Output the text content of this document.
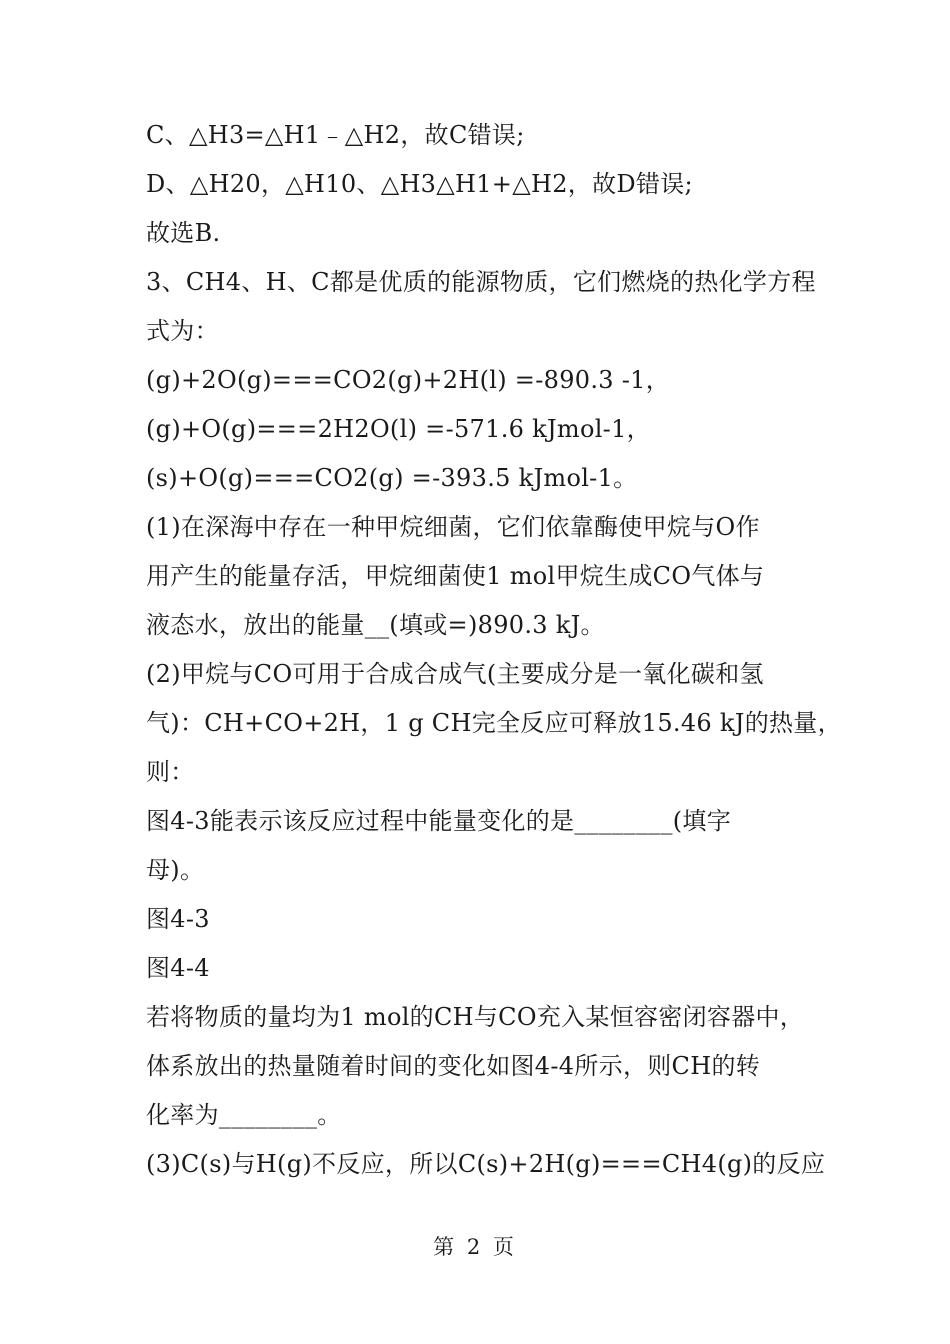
C、△H3=△H1﹣△H2，故C错误;
D、△H20，△H10、△H3△H1+△H2，故D错误;
故选B.
3、CH4、H、C都是优质的能源物质，它们燃烧的热化学方程
式为：
(g)+2O(g)===CO2(g)+2H(l) =-890.3 -1，
(g)+O(g)===2H2O(l) =-571.6 kJmol-1，
(s)+O(g)===CO2(g) =-393.5 kJmol-1。
(1)在深海中存在一种甲烷细菌，它们依靠酶使甲烷与O作
用产生的能量存活，甲烷细菌使1 mol甲烷生成CO气体与
液态水，放出的能量__(填或=)890.3 kJ。
(2)甲烷与CO可用于合成合成气(主要成分是一氧化碳和氢
气)：CH+CO+2H，1 g CH完全反应可释放15.46 kJ的热量，
则：
图4-3能表示该反应过程中能量变化的是________(填字
母)。
图4-3
图4-4
若将物质的量均为1 mol的CH与CO充入某恒容密闭容器中，
体系放出的热量随着时间的变化如图4-4所示，则CH的转
化率为________。
(3)C(s)与H(g)不反应，所以C(s)+2H(g)===CH4(g)的反应
第 2 页
